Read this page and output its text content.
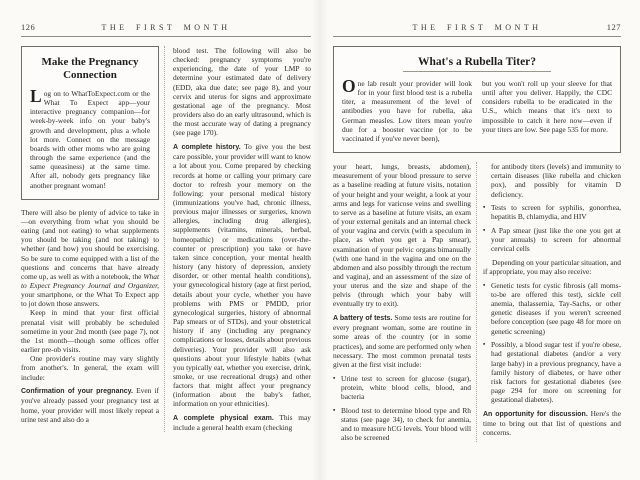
126	THE FIRST MONTH
Make the Pregnancy Connection

Log on to WhatToExpect.com or the What To Expect app—your interactive pregnancy companion—for week-by-week info on your baby's growth and development, plus a whole lot more. Connect on the message boards with other moms who are going through the same experience (and the same queasiness) at the same time. After all, nobody gets pregnancy like another pregnant woman!

There will also be plenty of advice to take in—on everything from what you should be eating (and not eating) to what supplements you should be taking (and not taking) to whether (and how) you should be exercising. So be sure to come equipped with a list of the questions and concerns that have already come up, as well as with a notebook, the What to Expect Pregnancy Journal and Organizer, your smartphone, or the What To Expect app to jot down those answers.

Keep in mind that your first official prenatal visit will probably be scheduled sometime in your 2nd month (see page 7), not the 1st month—though some offices offer earlier pre-ob visits.

One provider's routine may vary slightly from another's. In general, the exam will include:

Confirmation of your pregnancy. Even if you've already passed your pregnancy test at home, your provider will most likely repeat a urine test and also do a

blood test. The following will also be checked: pregnancy symptoms you're experiencing, the date of your LMP to determine your estimated date of delivery (EDD, aka due date; see page 8), and your cervix and uterus for signs and approximate gestational age of the pregnancy. Most providers also do an early ultrasound, which is the most accurate way of dating a pregnancy (see page 170).

A complete history. To give you the best care possible, your provider will want to know a lot about you. Come prepared by checking records at home or calling your primary care doctor to refresh your memory on the following: your personal medical history (immunizations you've had, chronic illness, previous major illnesses or surgeries, known allergies, including drug allergies), supplements (vitamins, minerals, herbal, homeopathic) or medications (over-the-counter or prescription) you take or have taken since conception, your mental health history (any history of depression, anxiety disorder, or other mental health conditions), your gynecological history (age at first period, details about your cycle, whether you have problems with PMS or PMDD, prior gynecological surgeries, history of abnormal Pap smears or of STDs), and your obstetrical history if any (including any pregnancy complications or losses, details about previous deliveries). Your provider will also ask questions about your lifestyle habits (what you typically eat, whether you exercise, drink, smoke, or use recreational drugs) and other factors that might affect your pregnancy (information about the baby's father, information on your ethnicities).

A complete physical exam. This may include a general health exam (checking

THE FIRST MONTH	127
What's a Rubella Titer?

One lab result your provider will look for in your first blood test is a rubella titer, a measurement of the level of antibodies you have for rubella, aka German measles. Low titers mean you're due for a booster vaccine (or to be vaccinated if you've never been),

but you won't roll up your sleeve for that until after you deliver. Happily, the CDC considers rubella to be eradicated in the U.S., which means that it's next to impossible to catch it here now—even if your titers are low. See page 535 for more.

your heart, lungs, breasts, abdomen), measurement of your blood pressure to serve as a baseline reading at future visits, notation of your height and your weight, a look at your arms and legs for varicose veins and swelling to serve as a baseline at future visits, an exam of your external genitals and an internal check of your vagina and cervix (with a speculum in place, as when you get a Pap smear), examination of your pelvic organs bimanually (with one hand in the vagina and one on the abdomen and also possibly through the rectum and vagina), and an assessment of the size of your uterus and the size and shape of the pelvis (through which your baby will eventually try to exit).

A battery of tests. Some tests are routine for every pregnant woman, some are routine in some areas of the country (or in some practices), and some are performed only when necessary. The most common prenatal tests given at the first visit include:

▪ Urine test to screen for glucose (sugar), protein, white blood cells, blood, and bacteria
▪ Blood test to determine blood type and Rh status (see page 34), to check for anemia, and to measure hCG levels. Your blood will also be screened

for antibody titers (levels) and immunity to certain diseases (like rubella and chicken pox), and possibly for vitamin D deficiency.

▪ Tests to screen for syphilis, gonorrhea, hepatitis B, chlamydia, and HIV
▪ A Pap smear (just like the one you get at your annuals) to screen for abnormal cervical cells

Depending on your particular situation, and if appropriate, you may also receive:

▪ Genetic tests for cystic fibrosis (all moms-to-be are offered this test), sickle cell anemia, thalassemia, Tay-Sachs, or other genetic diseases if you weren't screened before conception (see page 48 for more on genetic screening)
▪ Possibly, a blood sugar test if you're obese, had gestational diabetes (and/or a very large baby) in a previous pregnancy, have a family history of diabetes, or have other risk factors for gestational diabetes (see page 294 for more on screening for gestational diabetes).

An opportunity for discussion. Here's the time to bring out that list of questions and concerns.
